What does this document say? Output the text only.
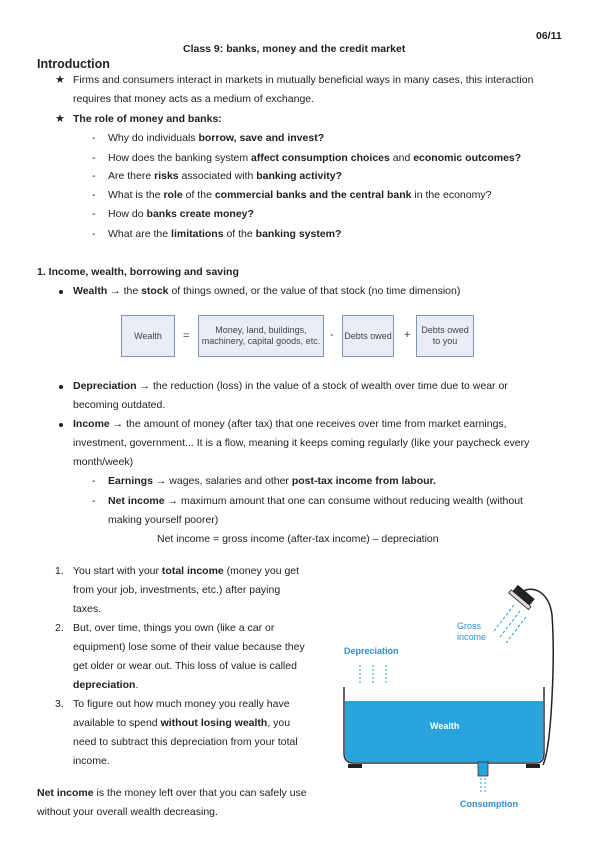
06/11
Class 9: banks, money and the credit market
Introduction
★ Firms and consumers interact in markets in mutually beneficial ways in many cases, this interaction
requires that money acts as a medium of exchange.
★ The role of money and banks:
- Why do individuals borrow, save and invest?
- How does the banking system affect consumption choices and economic outcomes?
- Are there risks associated with banking activity?
- What is the role of the commercial banks and the central bank in the economy?
- How do banks create money?
- What are the limitations of the banking system?
1. Income, wealth, borrowing and saving
Wealth → the stock of things owned, or the value of that stock (no time dimension)
Wealth	=	Money, land, buildings, machinery, capital goods, etc. - Debts owed +	Debts owed to you
Depreciation → the reduction (loss) in the value of a stock of wealth over time due to wear or
becoming outdated.
Income → the amount of money (after tax) that one receives over time from market earnings,
investment, government... It is a flow, meaning it keeps coming regularly (like your paycheck every
month/week)
- Earnings → wages, salaries and other post-tax income from labour.
- Net income → maximum amount that one can consume without reducing wealth (without
making yourself poorer)
Net income = gross income (after-tax income) – depreciation
1. You start with your total income (money you get
from your job, investments, etc.) after paying
taxes.
2. But, over time, things you own (like a car or
equipment) lose some of their value because they
get older or wear out. This loss of value is called
depreciation.
3. To figure out how much money you really have
available to spend without losing wealth, you
need to subtract this depreciation from your total
income.
Net income is the money left over that you can safely use
without your overall wealth decreasing.
Gross
income
Depreciation
Wealth
Consumption
